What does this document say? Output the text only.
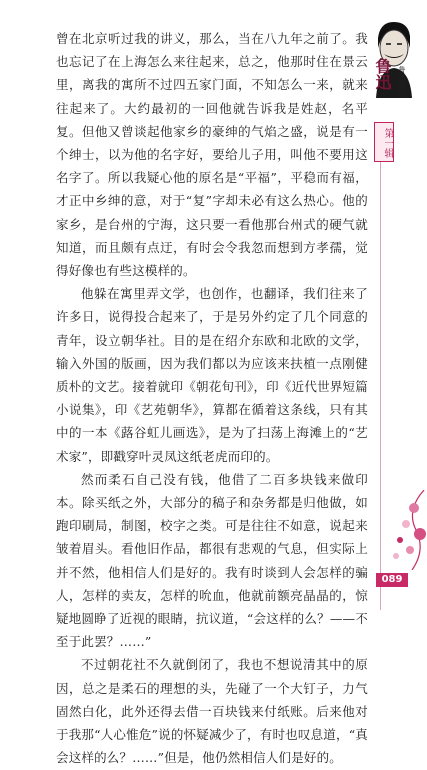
曾在北京听过我的讲义，那么，当在八九年之前了。我也忘记了在上海怎么来往起来，总之，他那时住在景云里，离我的寓所不过四五家门面，不知怎么一来，就来往起来了。大约最初的一回他就告诉我是姓赵，名平复。但他又曾谈起他家乡的豪绅的气焰之盛，说是有一个绅士，以为他的名字好，要给儿子用，叫他不要用这名字了。所以我疑心他的原名是“平福”，平稳而有福，才正中乡绅的意，对于“复”字却未必有这么热心。他的家乡，是台州的宁海，这只要一看他那台州式的硬气就知道，而且颇有点迂，有时会令我忽而想到方孝孺，觉得好像也有些这模样的。

他躲在寓里弄文学，也创作，也翻译，我们往来了许多日，说得投合起来了，于是另外约定了几个同意的青年，设立朝华社。目的是在绍介东欧和北欧的文学，输入外国的版画，因为我们都以为应该来扶植一点刚健质朴的文艺。接着就印《朝花旬刊》，印《近代世界短篇小说集》，印《艺苑朝华》，算都在循着这条线，只有其中的一本《蕗谷虹儿画选》，是为了扫荡上海滩上的“艺术家”，即戳穿叶灵凤这纸老虎而印的。

然而柔石自己没有钱，他借了二百多块钱来做印本。除买纸之外，大部分的稿子和杂务都是归他做，如跑印刷局，制图，校字之类。可是往往不如意，说起来皱着眉头。看他旧作品，都很有悲观的气息，但实际上并不然，他相信人们是好的。我有时谈到人会怎样的骗人，怎样的卖友，怎样的吮血，他就前额亮晶晶的，惊疑地圆睁了近视的眼睛，抗议道，“会这样的么？——不至于此罢？……”

不过朝花社不久就倒闭了，我也不想说清其中的原因，总之是柔石的理想的头，先碰了一个大钉子，力气固然白化，此外还得去借一百块钱来付纸账。后来他对于我那“人心惟危”说的怀疑减少了，有时也叹息道，“真会这样的么？……”但是，他仍然相信人们是好的。

鲁迅 鲁迅精选
第一辑
089
